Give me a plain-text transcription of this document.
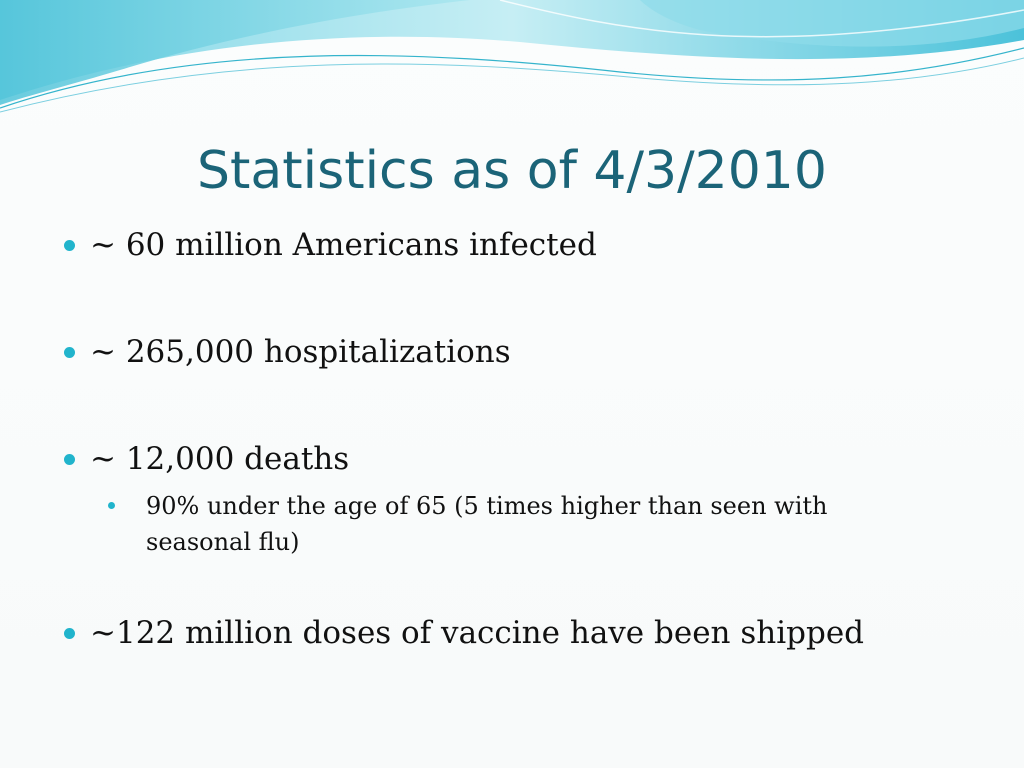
Statistics as of 4/3/2010
~ 60 million Americans infected
~ 265,000 hospitalizations
~ 12,000 deaths
90% under the age of 65 (5 times higher than seen with seasonal flu)
~122 million doses of vaccine have been shipped
